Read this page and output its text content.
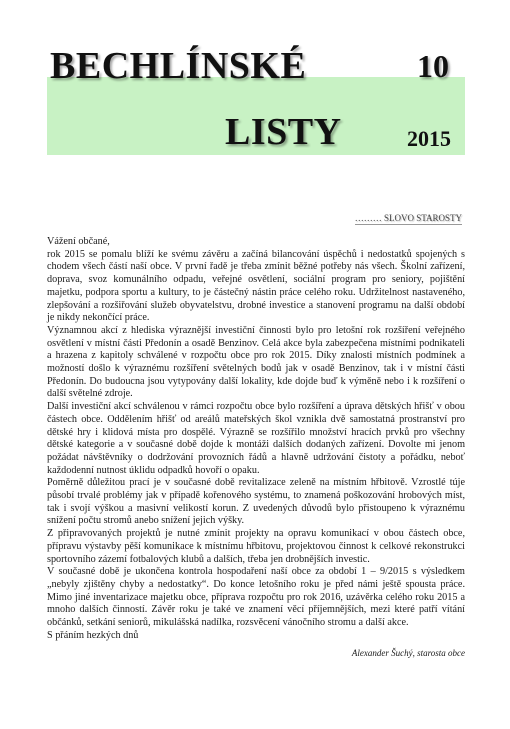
BECHLÍNSKÉ	10
LISTY	2015
……… SLOVO STAROSTY

Vážení občané,

rok 2015 se pomalu blíží ke svému závěru a začíná bilancování úspěchů i nedostatků spojených s chodem všech částí naší obce. V první řadě je třeba zmínit běžné potřeby nás všech. Školní zařízení, doprava, svoz komunálního odpadu, veřejné osvětlení, sociální program pro seniory, pojištění majetku, podpora sportu a kultury, to je částečný nástin práce celého roku. Udržitelnost nastaveného, zlepšování a rozšiřování služeb obyvatelstvu, drobné investice a stanovení programu na další období je nikdy nekončící práce.

Významnou akcí z hlediska výraznější investiční činnosti bylo pro letošní rok rozšíření veřejného osvětlení v místní části Předonín a osadě Benzinov. Celá akce byla zabezpečena místními podnikateli a hrazena z kapitoly schválené v rozpočtu obce pro rok 2015. Díky znalosti místních podmínek a možností došlo k výraznému rozšíření světelných bodů jak v osadě Benzinov, tak i v místní části Předonín. Do budoucna jsou vytypovány další lokality, kde dojde buď k výměně nebo i k rozšíření o další světelné zdroje.

Další investiční akcí schválenou v rámci rozpočtu obce bylo rozšíření a úprava dětských hřišť v obou částech obce. Oddělením hřišť od areálů mateřských škol vznikla dvě samostatná prostranství pro dětské hry i klidová místa pro dospělé. Výrazně se rozšířilo množství hracích prvků pro všechny dětské kategorie a v současné době dojde k montáži dalších dodaných zařízení. Dovolte mi jenom požádat návštěvníky o dodržování provozních řádů a hlavně udržování čistoty a pořádku, neboť každodenní nutnost úklidu odpadků hovoří o opaku.

Poměrně důležitou prací je v současné době revitalizace zeleně na místním hřbitově. Vzrostlé túje působí trvalé problémy jak v případě kořenového systému, to znamená poškozování hrobových míst, tak i svojí výškou a masivní velikostí korun. Z uvedených důvodů bylo přistoupeno k výraznému snížení počtu stromů anebo snížení jejich výšky.

Z připravovaných projektů je nutné zmínit projekty na opravu komunikací v obou částech obce, přípravu výstavby pěší komunikace k místnímu hřbitovu, projektovou činnost k celkové rekonstrukci sportovního zázemí fotbalových klubů a dalších, třeba jen drobnějších investic.

V současné době je ukončena kontrola hospodaření naší obce za období 1 – 9/2015 s výsledkem „nebyly zjištěny chyby a nedostatky“. Do konce letošního roku je před námi ještě spousta práce. Mimo jiné inventarizace majetku obce, příprava rozpočtu pro rok 2016, uzávěrka celého roku 2015 a mnoho dalších činností. Závěr roku je také ve znamení věcí příjemnějších, mezi které patří vítání občánků, setkání seniorů, mikulášská nadílka, rozsvěcení vánočního stromu a další akce.

S přáním hezkých dnů

Alexander Šuchý, starosta obce
